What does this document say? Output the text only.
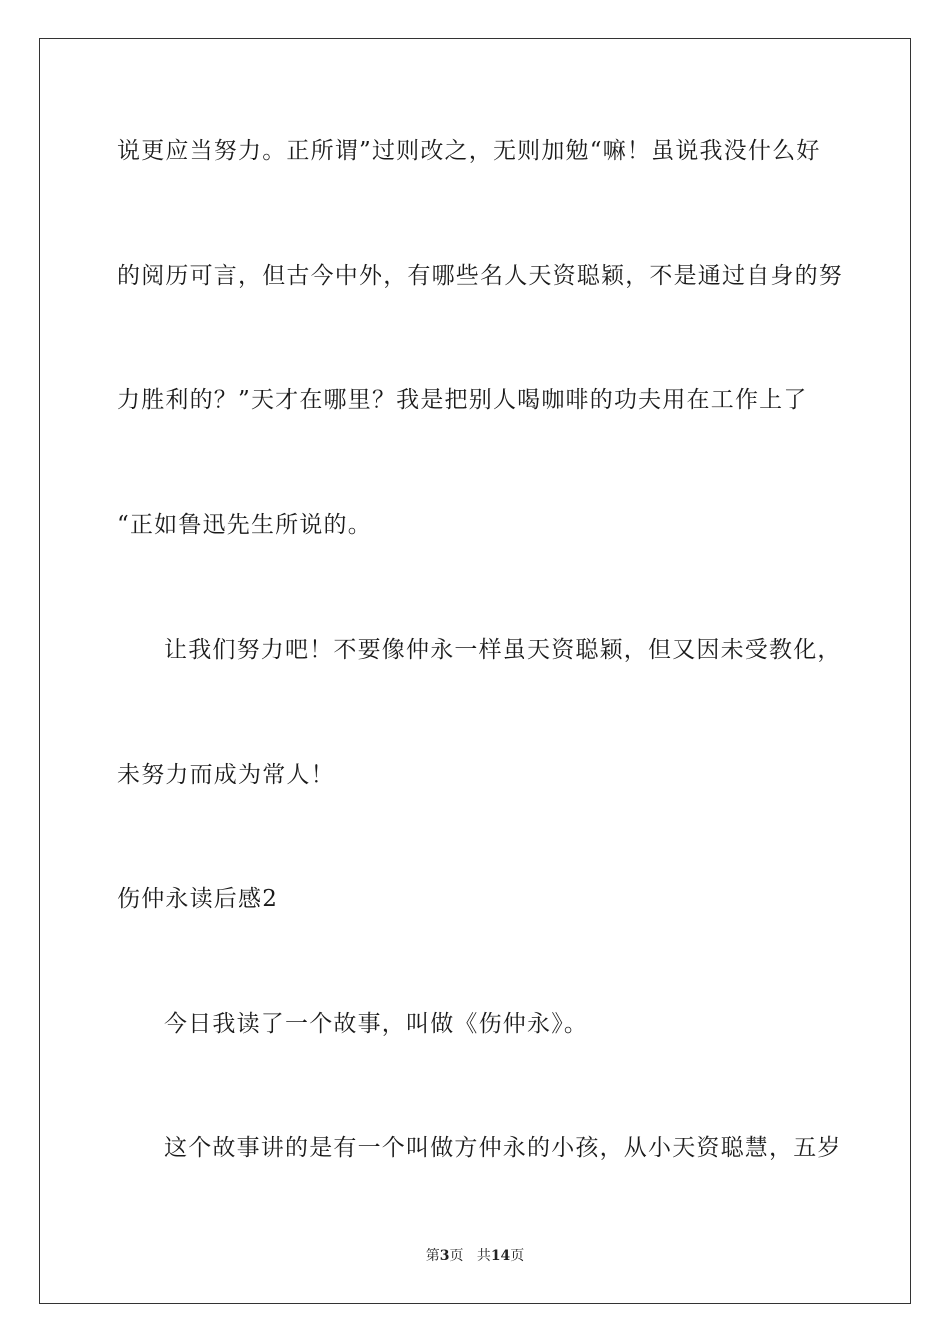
说更应当努力。正所谓”过则改之，无则加勉“嘛！虽说我没什么好
的阅历可言，但古今中外，有哪些名人天资聪颖，不是通过自身的努
力胜利的？”天才在哪里？我是把别人喝咖啡的功夫用在工作上了
“正如鲁迅先生所说的。
让我们努力吧！不要像仲永一样虽天资聪颖，但又因未受教化，
未努力而成为常人！
伤仲永读后感2
今日我读了一个故事，叫做《伤仲永》。
这个故事讲的是有一个叫做方仲永的小孩，从小天资聪慧，五岁
第3页 共14页
